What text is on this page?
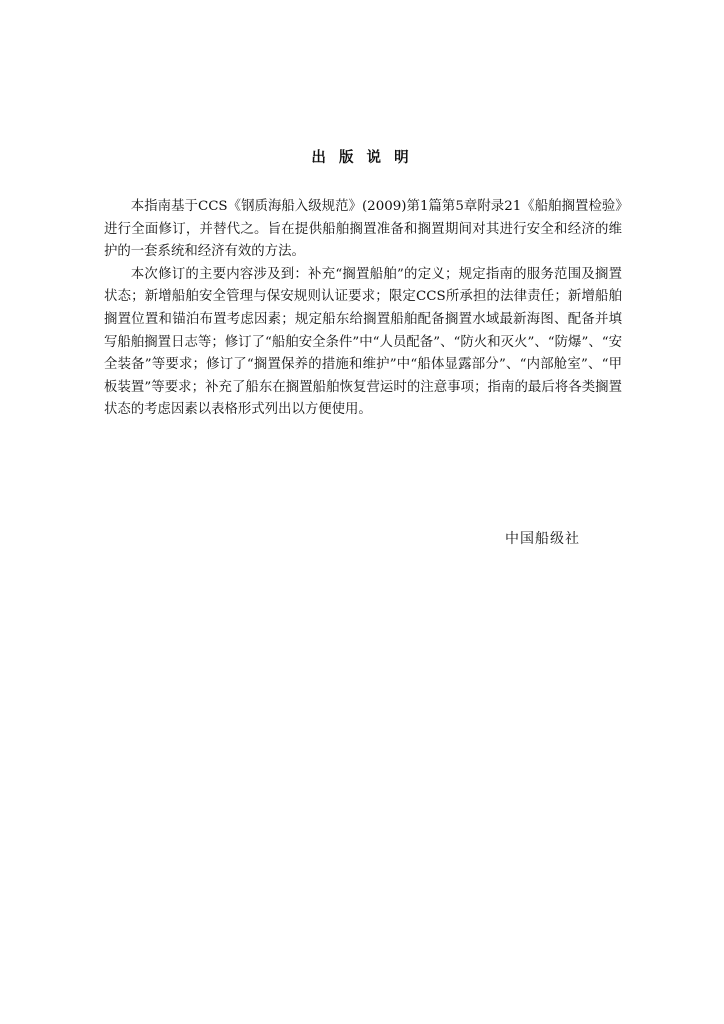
出 版 说 明

本指南基于CCS《钢质海船入级规范》(2009)第1篇第5章附录21《船舶搁置检验》进行全面修订，并替代之。旨在提供船舶搁置准备和搁置期间对其进行安全和经济的维护的一套系统和经济有效的方法。

本次修订的主要内容涉及到：补充“搁置船舶”的定义；规定指南的服务范围及搁置状态；新增船舶安全管理与保安规则认证要求；限定CCS所承担的法律责任；新增船舶搁置位置和锚泊布置考虑因素；规定船东给搁置船舶配备搁置水域最新海图、配备并填写船舶搁置日志等；修订了“船舶安全条件”中“人员配备”、“防火和灭火”、“防爆”、“安全装备”等要求；修订了“搁置保养的措施和维护”中“船体显露部分”、“内部舱室”、“甲板装置”等要求；补充了船东在搁置船舶恢复营运时的注意事项；指南的最后将各类搁置状态的考虑因素以表格形式列出以方便使用。

中国船级社
